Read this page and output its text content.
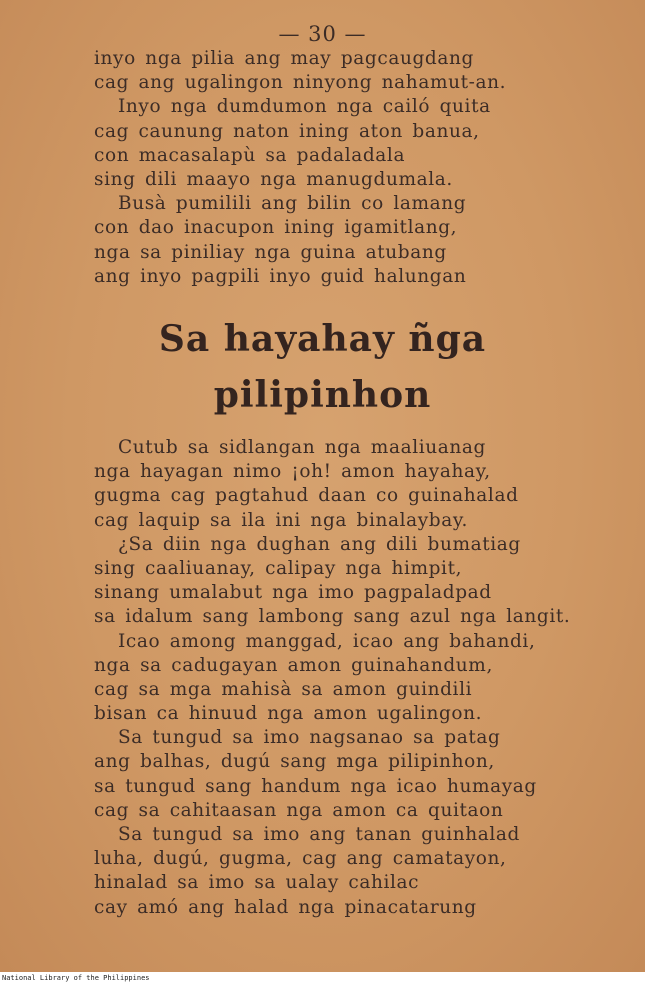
— 30 —
inyo nga pilia ang may pagcaugdang
cag ang ugalingon ninyong nahamut-an.
Inyo nga dumdumon nga cailó quita
cag caunung naton ining aton banua,
con macasalapù sa padaladala
sing dili maayo nga manugdumala.
Busà pumilili ang bilin co lamang
con dao inacupon ining igamitlang,
nga sa piniliay nga guina atubang
ang inyo pagpili inyo guid halungan
Sa hayahay ñga
pilipinhon
Cutub sa sidlangan nga maaliuanag
nga hayagan nimo ¡oh! amon hayahay,
gugma cag pagtahud daan co guinahalad
cag laquip sa ila ini nga binalaybay.
¿Sa diin nga dughan ang dili bumatiag
sing caaliuanay, calipay nga himpit,
sinang umalabut nga imo pagpaladpad
sa idalum sang lambong sang azul nga langit.
Icao among manggad, icao ang bahandi,
nga sa cadugayan amon guinahandum,
cag sa mga mahisà sa amon guindili
bisan ca hinuud nga amon ugalingon.
Sa tungud sa imo nagsanao sa patag
ang balhas, dugú sang mga pilipinhon,
sa tungud sang handum nga icao humayag
cag sa cahitaasan nga amon ca quitaon
Sa tungud sa imo ang tanan guinhalad
luha, dugú, gugma, cag ang camatayon,
hinalad sa imo sa ualay cahilac
cay amó ang halad nga pinacatarung
National Library of the Philippines
